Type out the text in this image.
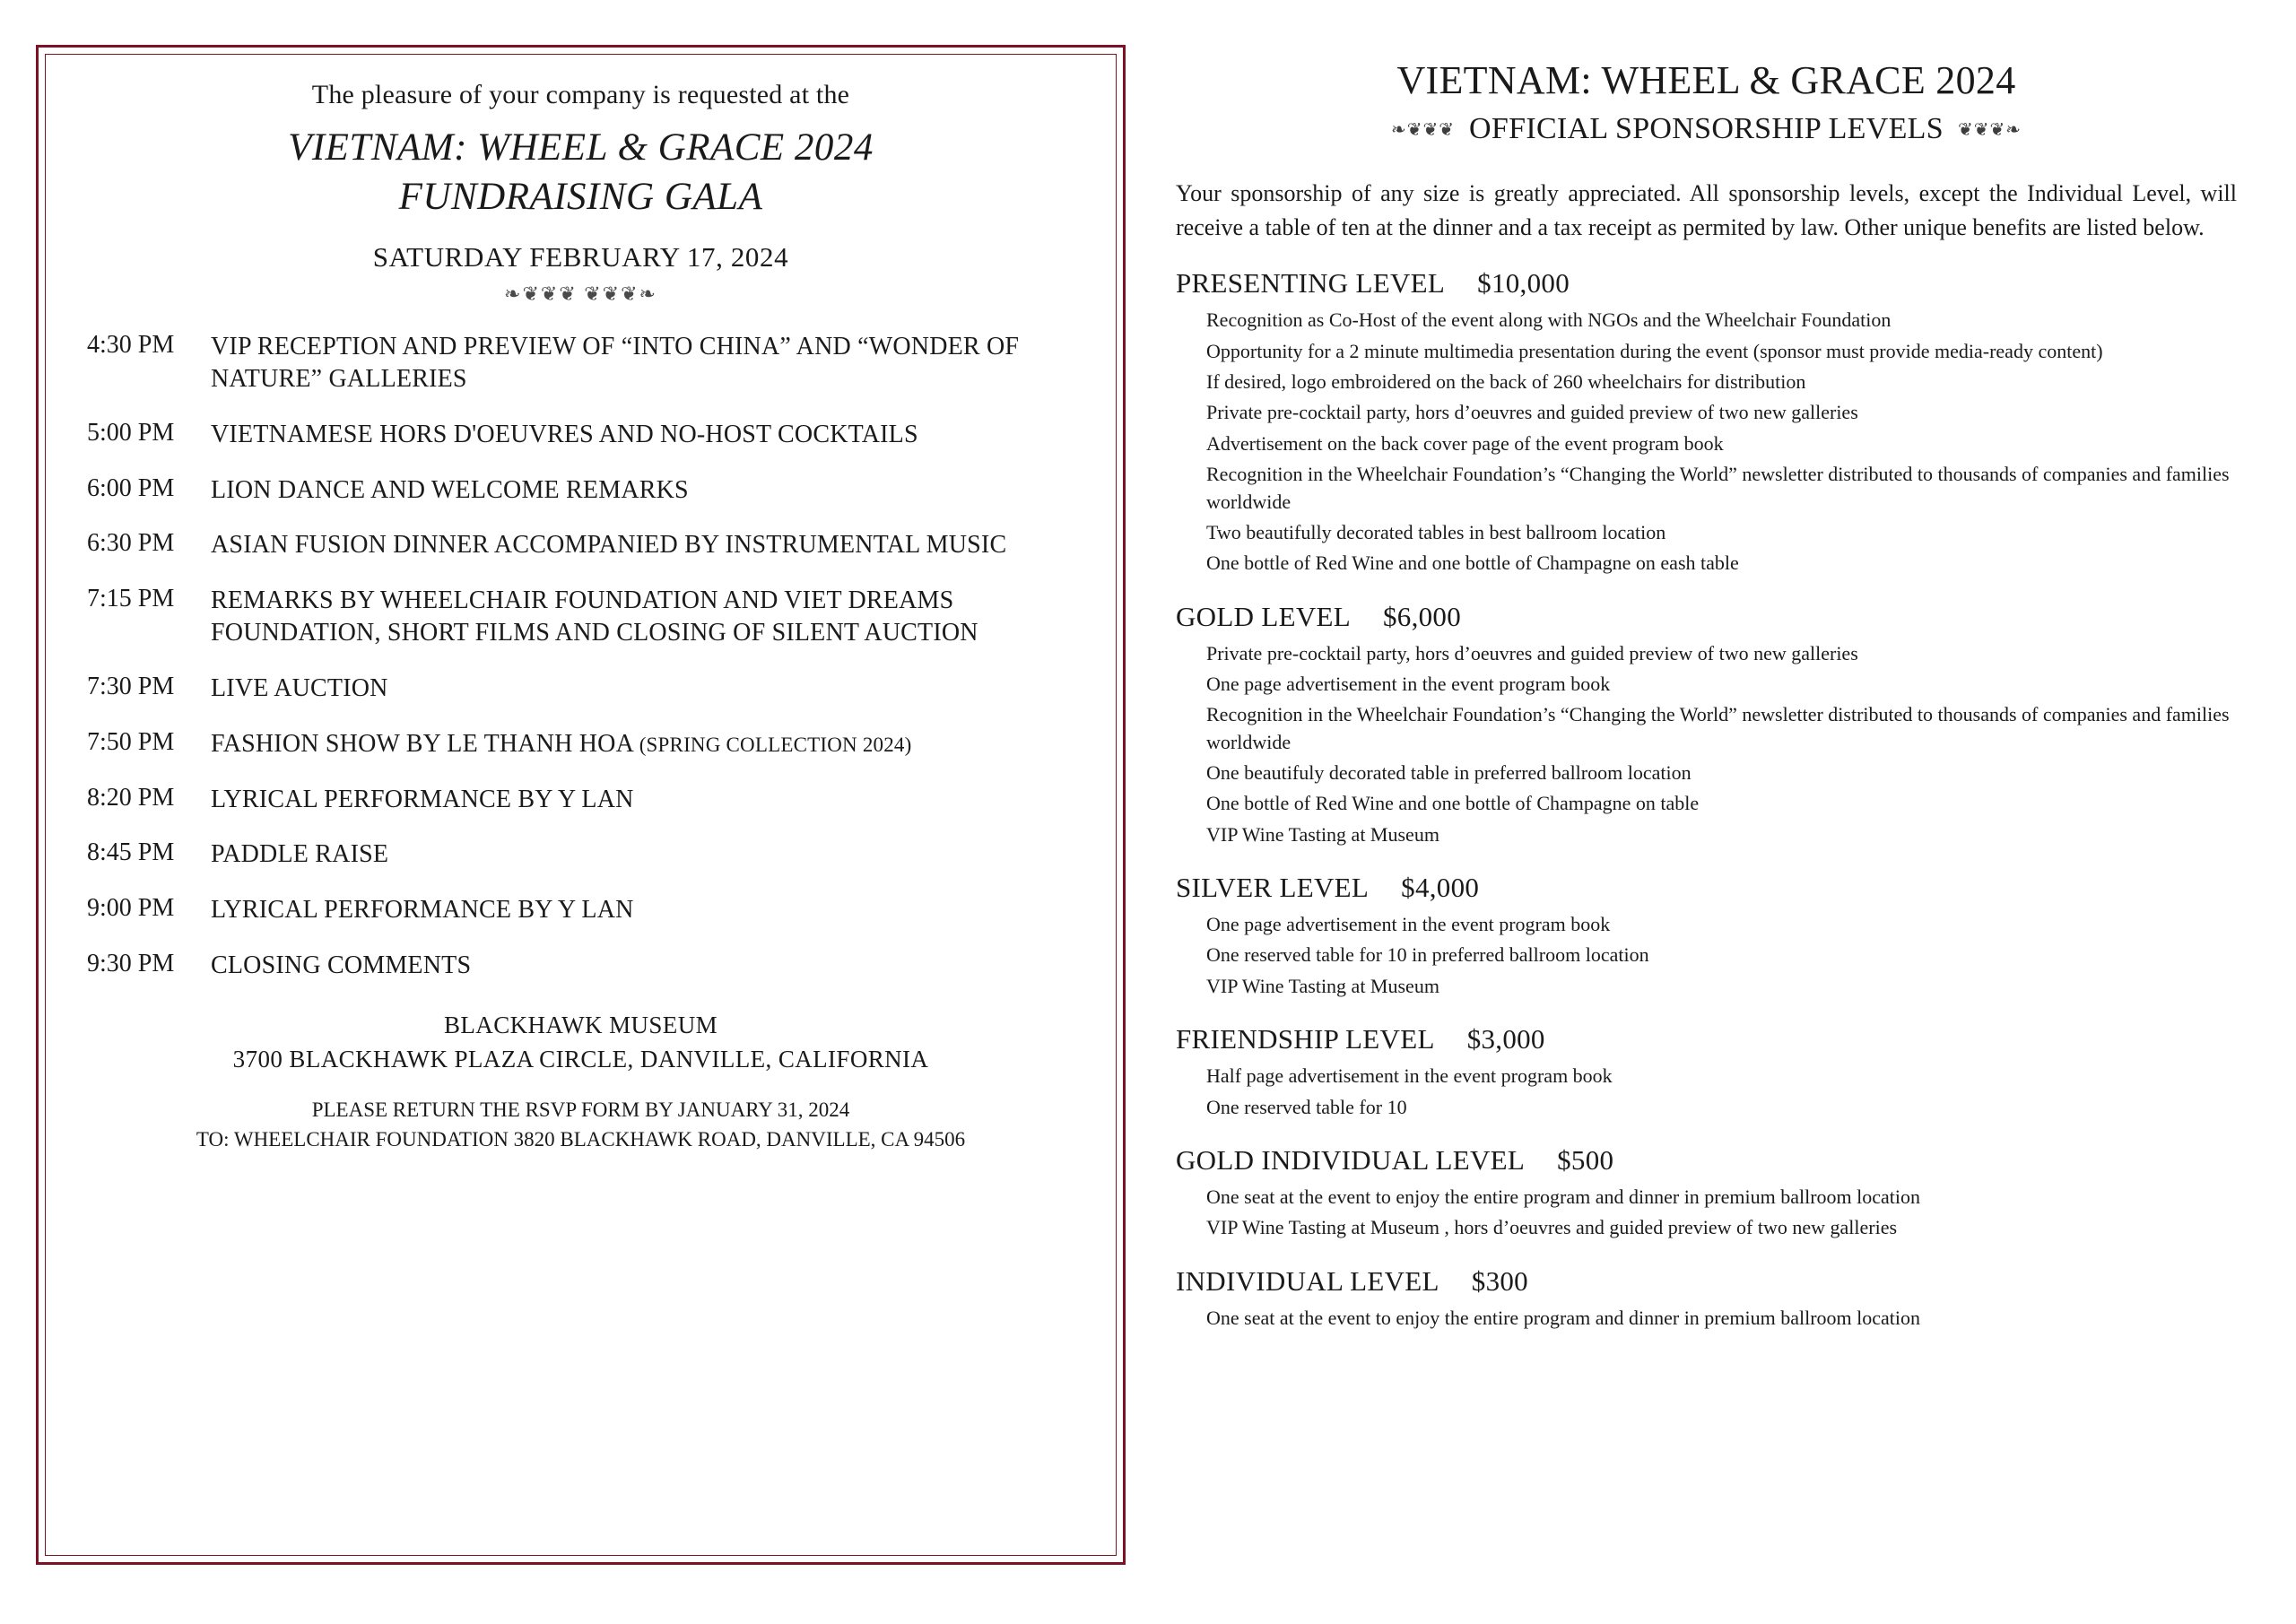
The pleasure of your company is requested at the
VIETNAM: WHEEL & GRACE 2024
FUNDRAISING GALA
SATURDAY FEBRUARY 17, 2024
❧❦❦❦ ❦❦❦❧
4:30 PM	VIP RECEPTION AND PREVIEW OF “INTO CHINA” AND “WONDER OF NATURE” GALLERIES
5:00 PM	VIETNAMESE HORS D'OEUVRES AND NO-HOST COCKTAILS
6:00 PM	LION DANCE AND WELCOME REMARKS
6:30 PM	ASIAN FUSION DINNER ACCOMPANIED BY INSTRUMENTAL MUSIC
7:15 PM	REMARKS BY WHEELCHAIR FOUNDATION AND VIET DREAMS FOUNDATION, SHORT FILMS AND CLOSING OF SILENT AUCTION
7:30 PM	LIVE AUCTION
7:50 PM	FASHION SHOW BY LE THANH HOA (SPRING COLLECTION 2024)
8:20 PM	LYRICAL PERFORMANCE BY Y LAN
8:45 PM	PADDLE RAISE
9:00 PM	LYRICAL PERFORMANCE BY Y LAN
9:30 PM	CLOSING COMMENTS
BLACKHAWK MUSEUM
3700 BLACKHAWK PLAZA CIRCLE, DANVILLE, CALIFORNIA
PLEASE RETURN THE RSVP FORM BY JANUARY 31, 2024
TO: WHEELCHAIR FOUNDATION 3820 BLACKHAWK ROAD, DANVILLE, CA 94506
VIETNAM: WHEEL & GRACE 2024
❧❦❦❦ OFFICIAL SPONSORSHIP LEVELS ❦❦❦❧
Your sponsorship of any size is greatly appreciated. All sponsorship levels, except the Individual Level, will receive a table of ten at the dinner and a tax receipt as permited by law. Other unique benefits are listed below.
PRESENTING LEVEL $10,000
Recognition as Co-Host of the event along with NGOs and the Wheelchair Foundation
Opportunity for a 2 minute multimedia presentation during the event (sponsor must provide media-ready content)
If desired, logo embroidered on the back of 260 wheelchairs for distribution
Private pre-cocktail party, hors d’oeuvres and guided preview of two new galleries
Advertisement on the back cover page of the event program book
Recognition in the Wheelchair Foundation’s “Changing the World” newsletter distributed to thousands of companies and families worldwide
Two beautifully decorated tables in best ballroom location
One bottle of Red Wine and one bottle of Champagne on eash table
GOLD LEVEL $6,000
Private pre-cocktail party, hors d’oeuvres and guided preview of two new galleries
One page advertisement in the event program book
Recognition in the Wheelchair Foundation’s “Changing the World” newsletter distributed to thousands of companies and families worldwide
One beautifuly decorated table in preferred ballroom location
One bottle of Red Wine and one bottle of Champagne on table
VIP Wine Tasting at Museum
SILVER LEVEL $4,000
One page advertisement in the event program book
One reserved table for 10 in preferred ballroom location
VIP Wine Tasting at Museum
FRIENDSHIP LEVEL $3,000
Half page advertisement in the event program book
One reserved table for 10
GOLD INDIVIDUAL LEVEL $500
One seat at the event to enjoy the entire program and dinner in premium ballroom location
VIP Wine Tasting at Museum , hors d’oeuvres and guided preview of two new galleries
INDIVIDUAL LEVEL $300
One seat at the event to enjoy the entire program and dinner in premium ballroom location
